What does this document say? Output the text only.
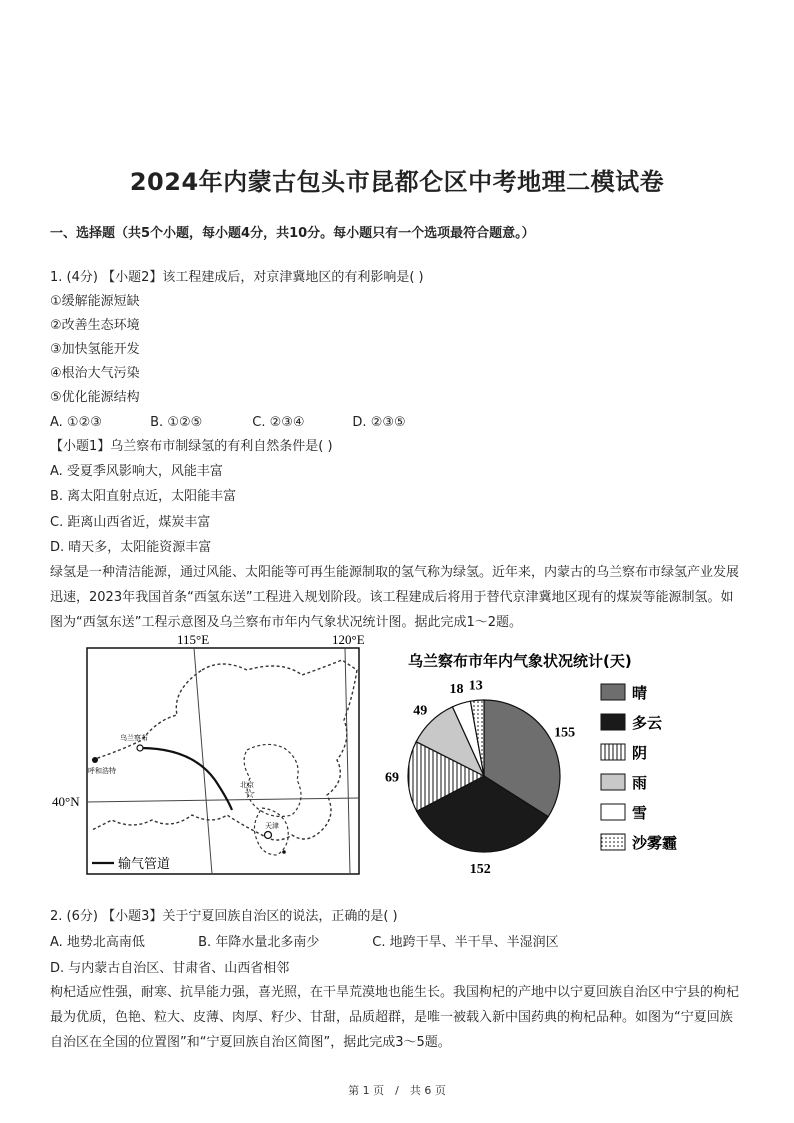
2024年内蒙古包头市昆都仑区中考地理二模试卷
一、选择题（共5个小题，每小题4分，共10分。每小题只有一个选项最符合题意。）
1. (4分) 【小题2】该工程建成后，对京津冀地区的有利影响是( )
①缓解能源短缺
②改善生态环境
③加快氢能开发
④根治大气污染
⑤优化能源结构
A. ①②③	B. ①②⑤	C. ②③④	D. ②③⑤
【小题1】乌兰察布市制绿氢的有利自然条件是( )
A. 受夏季风影响大，风能丰富
B. 离太阳直射点近，太阳能丰富
C. 距离山西省近，煤炭丰富
D. 晴天多，太阳能资源丰富
绿氢是一种清洁能源，通过风能、太阳能等可再生能源制取的氢气称为绿氢。近年来，内蒙古的乌兰察布市绿氢产业发展迅速，2023年我国首条“西氢东送”工程进入规划阶段。该工程建成后将用于替代京津冀地区现有的煤炭等能源制氢。如图为“西氢东送”工程示意图及乌兰察布市年内气象状况统计图。据此完成1～2题。
115°E	120°E
40°N
乌兰察布
呼和浩特
☆
北京
天津
输气管道
乌兰察布市年内气象状况统计(天)
155
152
69
49
18 13	晴
多云
阴
雨
雪
沙雾霾
2. (6分) 【小题3】关于宁夏回族自治区的说法，正确的是( )
A. 地势北高南低	B. 年降水量北多南少	C. 地跨干旱、半干旱、半湿润区
D. 与内蒙古自治区、甘肃省、山西省相邻
枸杞适应性强，耐寒、抗旱能力强，喜光照，在干旱荒漠地也能生长。我国枸杞的产地中以宁夏回族自治区中宁县的枸杞最为优质，色艳、粒大、皮薄、肉厚、籽少、甘甜，品质超群，是唯一被载入新中国药典的枸杞品种。如图为“宁夏回族自治区在全国的位置图”和“宁夏回族自治区简图”，据此完成3～5题。
第 1 页　/　共 6 页
